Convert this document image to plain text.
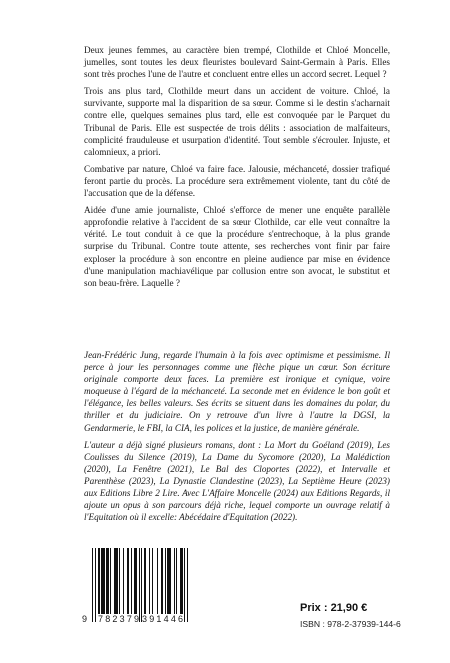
Deux jeunes femmes, au caractère bien trempé, Clothilde et Chloé Moncelle, jumelles, sont toutes les deux fleuristes boulevard Saint-Germain à Paris. Elles sont très proches l'une de l'autre et concluent entre elles un accord secret. Lequel ?

Trois ans plus tard, Clothilde meurt dans un accident de voiture. Chloé, la survivante, supporte mal la disparition de sa sœur. Comme si le destin s'acharnait contre elle, quelques semaines plus tard, elle est convoquée par le Parquet du Tribunal de Paris. Elle est suspectée de trois délits : association de malfaiteurs, complicité frauduleuse et usurpation d'identité. Tout semble s'écrouler. Injuste, et calomnieux, a priori.

Combative par nature, Chloé va faire face. Jalousie, méchanceté, dossier trafiqué feront partie du procès. La procédure sera extrêmement violente, tant du côté de l'accusation que de la défense.

Aidée d'une amie journaliste, Chloé s'efforce de mener une enquête parallèle approfondie relative à l'accident de sa sœur Clothilde, car elle veut connaître la vérité. Le tout conduit à ce que la procédure s'entrechoque, à la plus grande surprise du Tribunal. Contre toute attente, ses recherches vont finir par faire exploser la procédure à son encontre en pleine audience par mise en évidence d'une manipulation machiavélique par collusion entre son avocat, le substitut et son beau-frère. Laquelle ?

Jean-Frédéric Jung, regarde l'humain à la fois avec optimisme et pessimisme. Il perce à jour les personnages comme une flèche pique un cœur. Son écriture originale comporte deux faces. La première est ironique et cynique, voire moqueuse à l'égard de la méchanceté. La seconde met en évidence le bon goût et l'élégance, les belles valeurs. Ses écrits se situent dans les domaines du polar, du thriller et du judiciaire. On y retrouve d'un livre à l'autre la DGSI, la Gendarmerie, le FBI, la CIA, les polices et la justice, de manière générale.

L'auteur a déjà signé plusieurs romans, dont : La Mort du Goéland (2019), Les Coulisses du Silence (2019), La Dame du Sycomore (2020), La Malédiction (2020), La Fenêtre (2021), Le Bal des Cloportes (2022), et Intervalle et Parenthèse (2023), La Dynastie Clandestine (2023), La Septième Heure (2023) aux Editions Libre 2 Lire. Avec L'Affaire Moncelle (2024) aux Editions Regards, il ajoute un opus à son parcours déjà riche, lequel comporte un ouvrage relatif à l'Equitation où il excelle: Abécédaire d'Equitation (2022).

9 782379 391446
Prix : 21,90 €
ISBN : 978-2-37939-144-6
